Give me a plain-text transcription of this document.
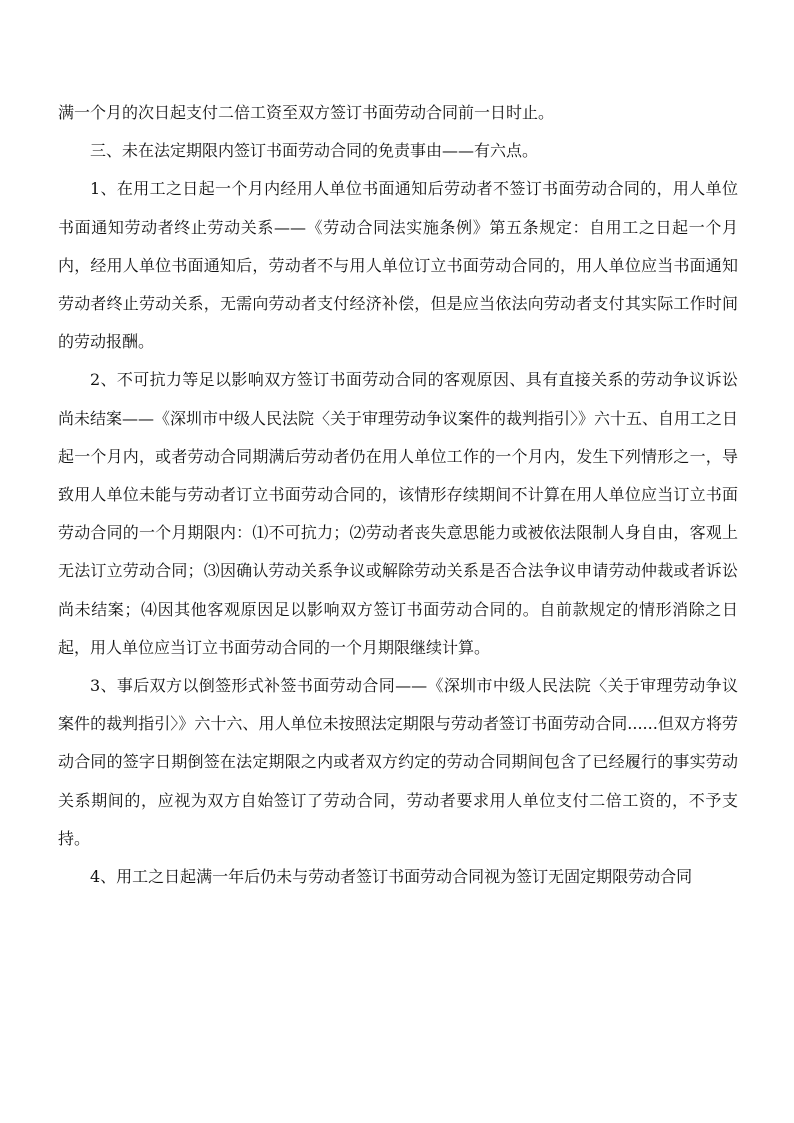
满一个月的次日起支付二倍工资至双方签订书面劳动合同前一日时止。

三、未在法定期限内签订书面劳动合同的免责事由——有六点。

1、在用工之日起一个月内经用人单位书面通知后劳动者不签订书面劳动合同的，用人单位书面通知劳动者终止劳动关系——《劳动合同法实施条例》第五条规定：自用工之日起一个月内，经用人单位书面通知后，劳动者不与用人单位订立书面劳动合同的，用人单位应当书面通知劳动者终止劳动关系，无需向劳动者支付经济补偿，但是应当依法向劳动者支付其实际工作时间的劳动报酬。

2、不可抗力等足以影响双方签订书面劳动合同的客观原因、具有直接关系的劳动争议诉讼尚未结案——《深圳市中级人民法院〈关于审理劳动争议案件的裁判指引〉》六十五、自用工之日起一个月内，或者劳动合同期满后劳动者仍在用人单位工作的一个月内，发生下列情形之一，导致用人单位未能与劳动者订立书面劳动合同的，该情形存续期间不计算在用人单位应当订立书面劳动合同的一个月期限内：⑴不可抗力；⑵劳动者丧失意思能力或被依法限制人身自由，客观上无法订立劳动合同；⑶因确认劳动关系争议或解除劳动关系是否合法争议申请劳动仲裁或者诉讼尚未结案；⑷因其他客观原因足以影响双方签订书面劳动合同的。自前款规定的情形消除之日起，用人单位应当订立书面劳动合同的一个月期限继续计算。

3、事后双方以倒签形式补签书面劳动合同——《深圳市中级人民法院〈关于审理劳动争议案件的裁判指引〉》六十六、用人单位未按照法定期限与劳动者签订书面劳动合同......但双方将劳动合同的签字日期倒签在法定期限之内或者双方约定的劳动合同期间包含了已经履行的事实劳动关系期间的，应视为双方自始签订了劳动合同，劳动者要求用人单位支付二倍工资的，不予支持。

4、用工之日起满一年后仍未与劳动者签订书面劳动合同视为签订无固定期限劳动合同
